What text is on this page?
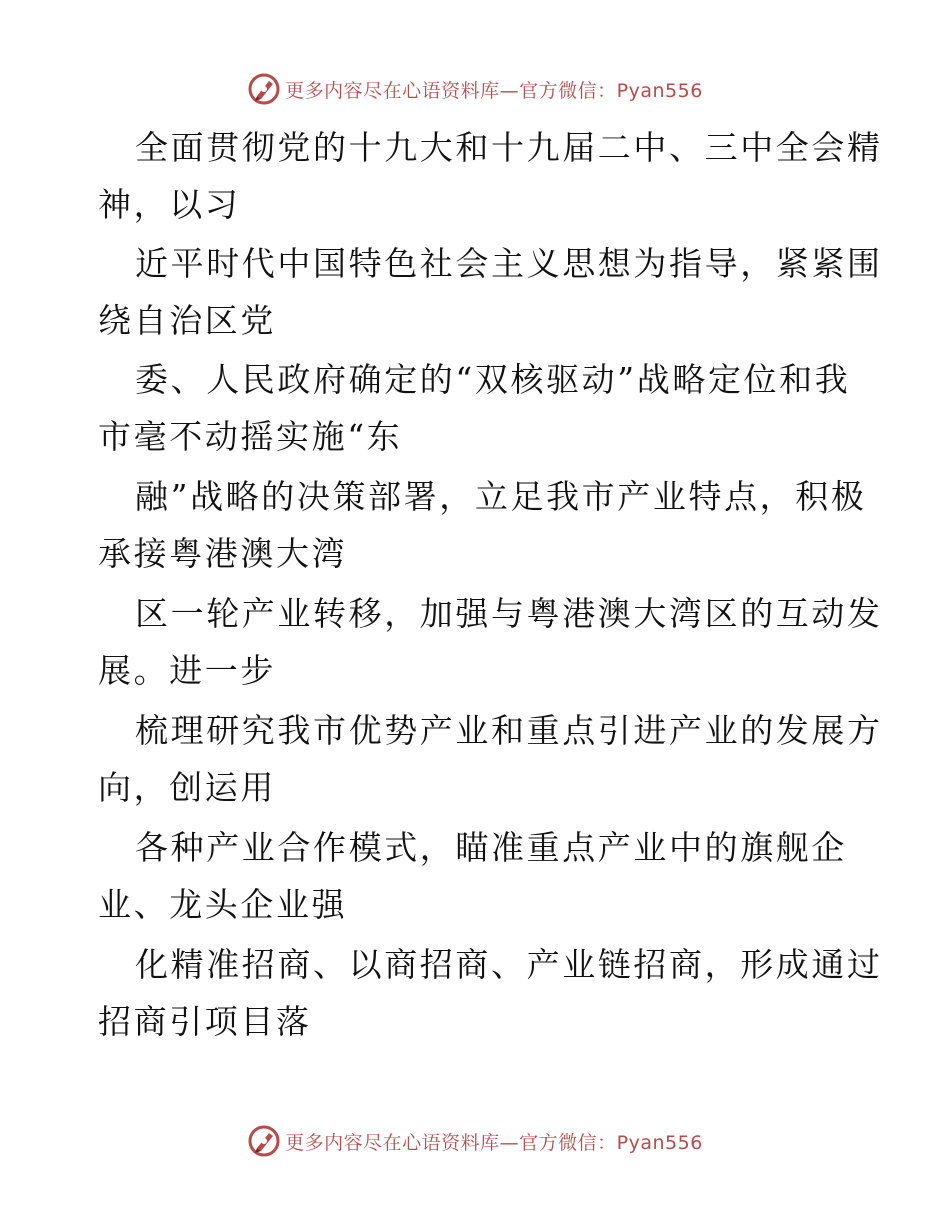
更多内容尽在心语资料库—官方微信：Pyan556
全面贯彻党的十九大和十九届二中、三中全会精
神，以习
近平时代中国特色社会主义思想为指导，紧紧围
绕自治区党
委、人民政府确定的“双核驱动”战略定位和我
市毫不动摇实施“东
融”战略的决策部署，立足我市产业特点，积极
承接粤港澳大湾
区一轮产业转移，加强与粤港澳大湾区的互动发
展。进一步
梳理研究我市优势产业和重点引进产业的发展方
向，创运用
各种产业合作模式，瞄准重点产业中的旗舰企
业、龙头企业强
化精准招商、以商招商、产业链招商，形成通过
招商引项目落
更多内容尽在心语资料库—官方微信：Pyan556
